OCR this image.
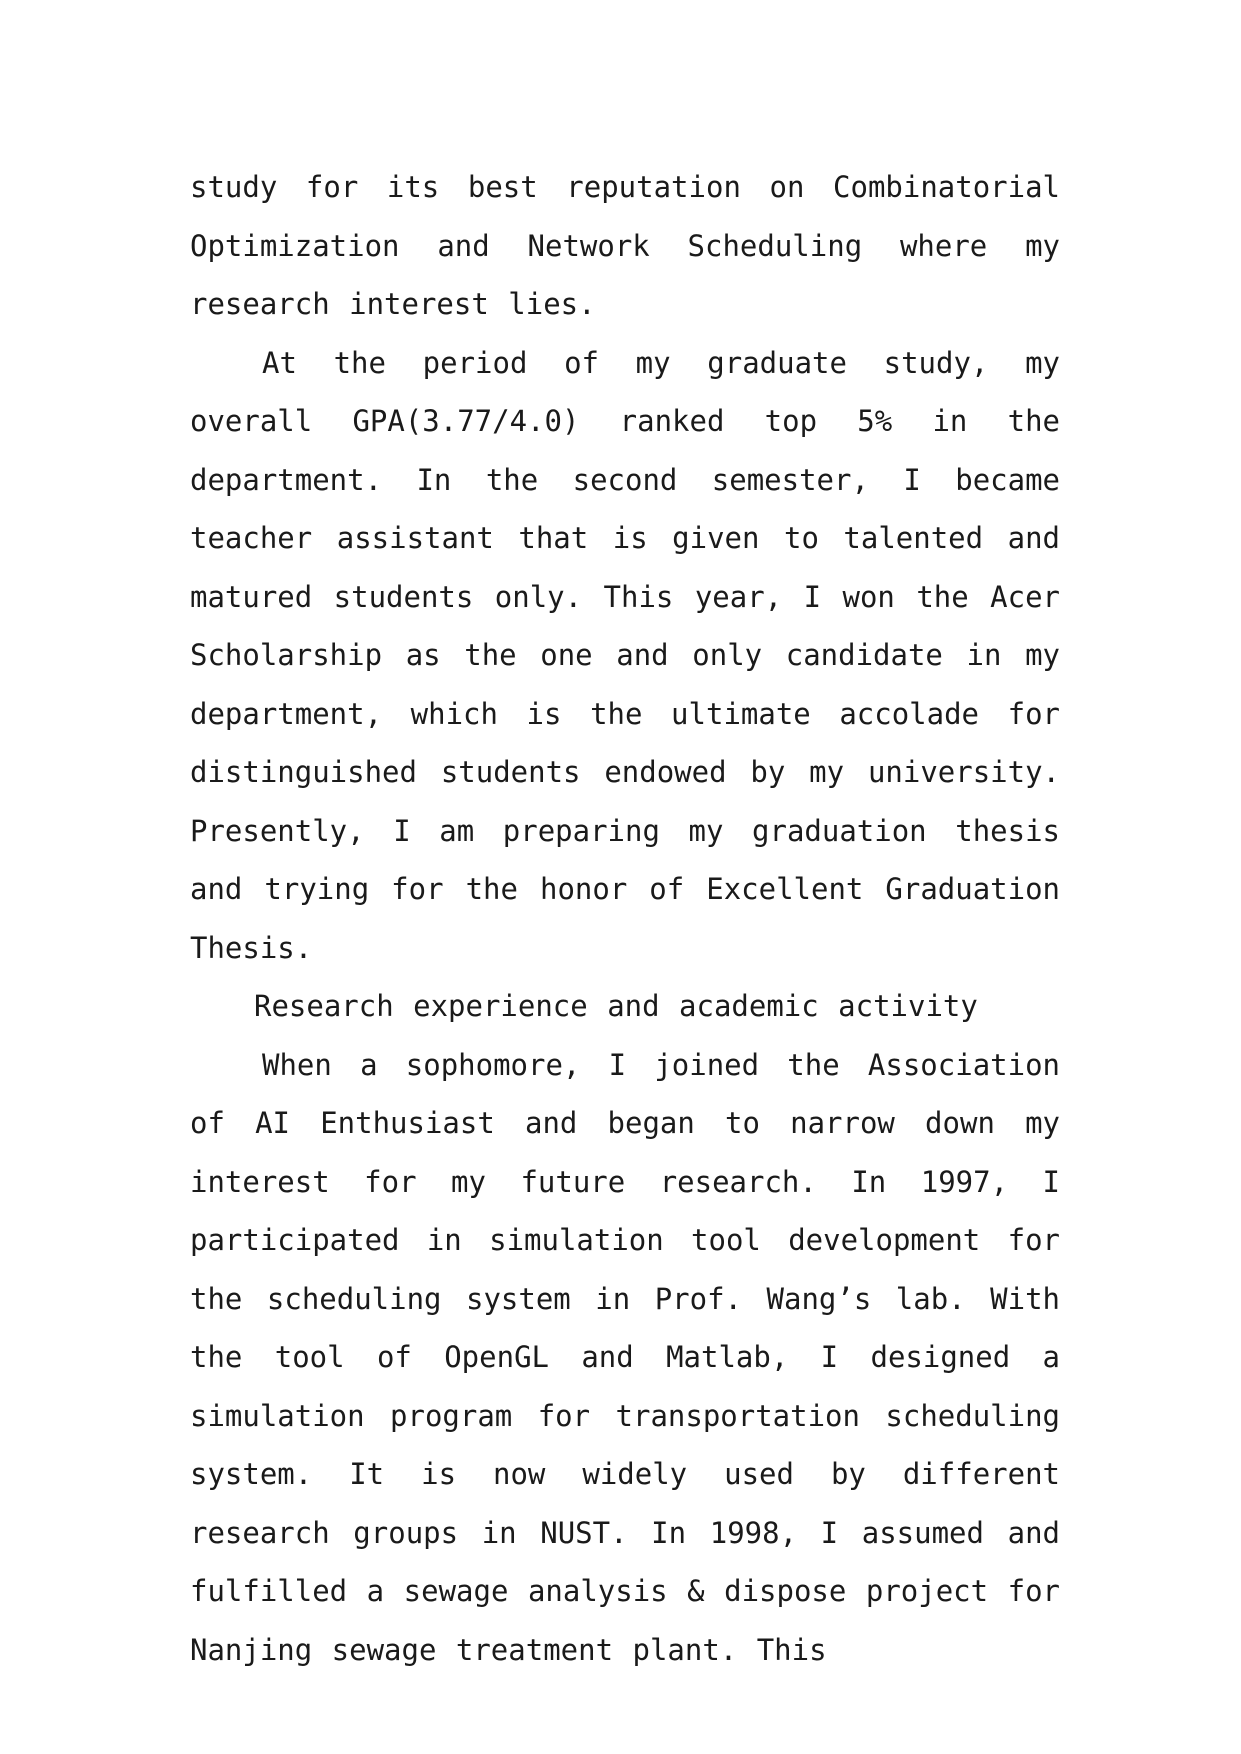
study for its best reputation on Combinatorial Optimization and Network Scheduling where my research interest lies.

At the period of my graduate study, my overall GPA(3.77/4.0) ranked top 5% in the department. In the second semester, I became teacher assistant that is given to talented and matured students only. This year, I won the Acer Scholarship as the one and only candidate in my department, which is the ultimate accolade for distinguished students endowed by my university. Presently, I am preparing my graduation thesis and trying for the honor of Excellent Graduation Thesis.

Research experience and academic activity

When a sophomore, I joined the Association of AI Enthusiast and began to narrow down my interest for my future research. In 1997, I participated in simulation tool development for the scheduling system in Prof. Wang’s lab. With the tool of OpenGL and Matlab, I designed a simulation program for transportation scheduling system. It is now widely used by different research groups in NUST. In 1998, I assumed and fulfilled a sewage analysis & dispose project for Nanjing sewage treatment plant. This
